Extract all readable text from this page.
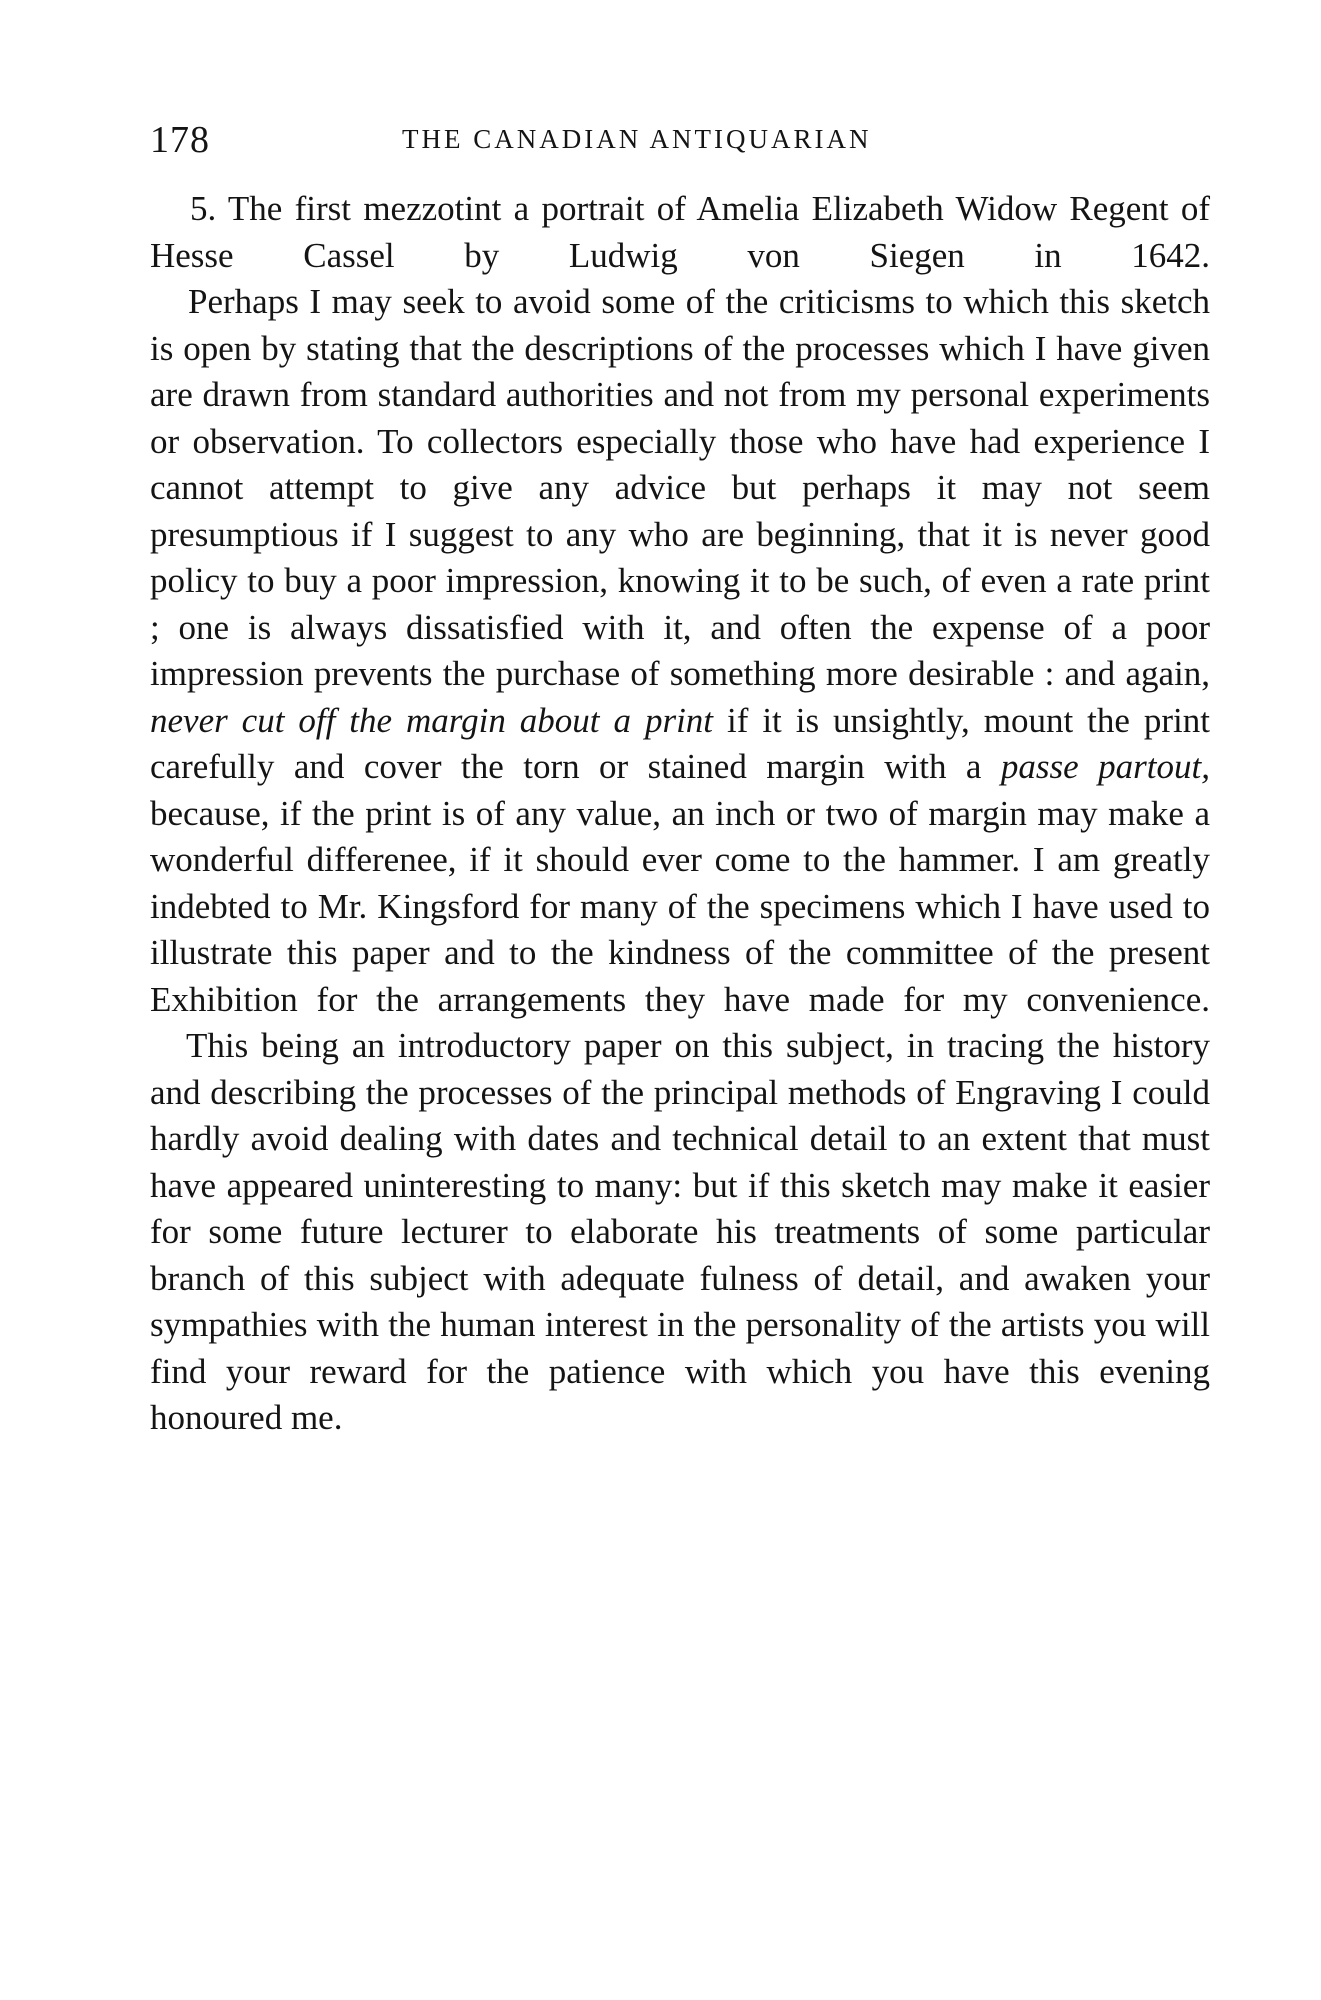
178	THE CANADIAN ANTIQUARIAN

5. The first mezzotint a portrait of Amelia Elizabeth Widow Regent of Hesse Cassel by Ludwig von Siegen in 1642.

Perhaps I may seek to avoid some of the criticisms to which this sketch is open by stating that the descriptions of the processes which I have given are drawn from standard authorities and not from my personal experiments or observation. To collectors especially those who have had experience I cannot attempt to give any advice but perhaps it may not seem presumptious if I suggest to any who are beginning, that it is never good policy to buy a poor impression, knowing it to be such, of even a rate print ; one is always dissatisfied with it, and often the expense of a poor impression prevents the purchase of something more desirable : and again, never cut off the margin about a print if it is unsightly, mount the print carefully and cover the torn or stained margin with a passe partout, because, if the print is of any value, an inch or two of margin may make a wonderful differenee, if it should ever come to the hammer. I am greatly indebted to Mr. Kingsford for many of the specimens which I have used to illustrate this paper and to the kindness of the committee of the present Exhibition for the arrangements they have made for my convenience.

This being an introductory paper on this subject, in tracing the history and describing the processes of the principal methods of Engraving I could hardly avoid dealing with dates and technical detail to an extent that must have appeared uninteresting to many: but if this sketch may make it easier for some future lecturer to elaborate his treatments of some particular branch of this subject with adequate fulness of detail, and awaken your sympathies with the human interest in the personality of the artists you will find your reward for the patience with which you have this evening honoured me.
